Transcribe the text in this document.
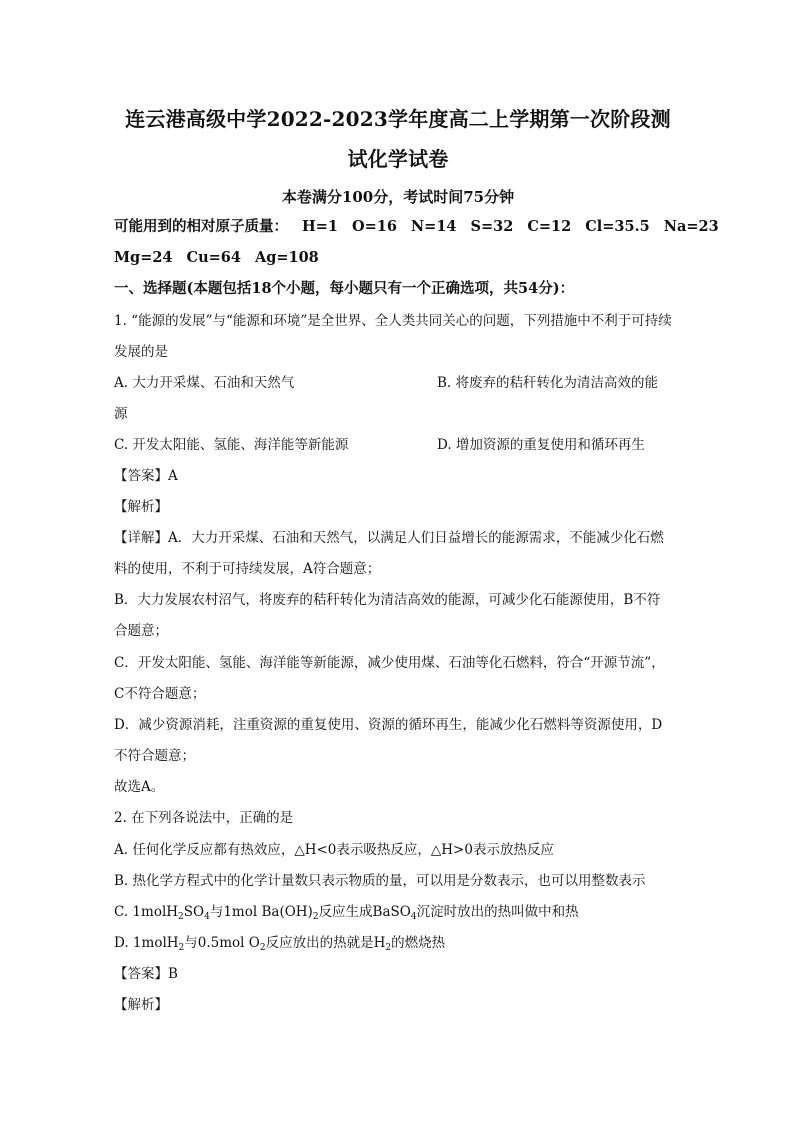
连云港高级中学2022-2023学年度高二上学期第一次阶段测
试化学试卷
本卷满分100分，考试时间75分钟
可能用到的相对原子质量： H=1 O=16 N=14 S=32 C=12 Cl=35.5 Na=23
Mg=24 Cu=64 Ag=108
一、选择题(本题包括18个小题，每小题只有一个正确选项，共54分)：
1. “能源的发展”与“能源和环境”是全世界、全人类共同关心的问题，下列措施中不利于可持续
发展的是
A. 大力开采煤、石油和天然气	B. 将废弃的秸秆转化为清洁高效的能
源
C. 开发太阳能、氢能、海洋能等新能源	D. 增加资源的重复使用和循环再生
【答案】A
【解析】
【详解】A．大力开采煤、石油和天然气，以满足人们日益增长的能源需求，不能减少化石燃
料的使用，不利于可持续发展，A符合题意；
B．大力发展农村沼气，将废弃的秸秆转化为清洁高效的能源，可减少化石能源使用，B不符
合题意；
C．开发太阳能、氢能、海洋能等新能源，减少使用煤、石油等化石燃料，符合“开源节流”，
C不符合题意；
D．减少资源消耗，注重资源的重复使用、资源的循环再生，能减少化石燃料等资源使用，D
不符合题意；
故选A。
2. 在下列各说法中，正确的是
A. 任何化学反应都有热效应，△H<0表示吸热反应，△H>0表示放热反应
B. 热化学方程式中的化学计量数只表示物质的量，可以用是分数表示，也可以用整数表示
C. $1molH_2SO_4$与1mol $Ba(OH)_2$反应生成BaSO$_4$沉淀时放出的热叫做中和热
D. 1molH$_2$与0.5mol $O_2$反应放出的热就是$H_2$的燃烧热
【答案】B
【解析】
